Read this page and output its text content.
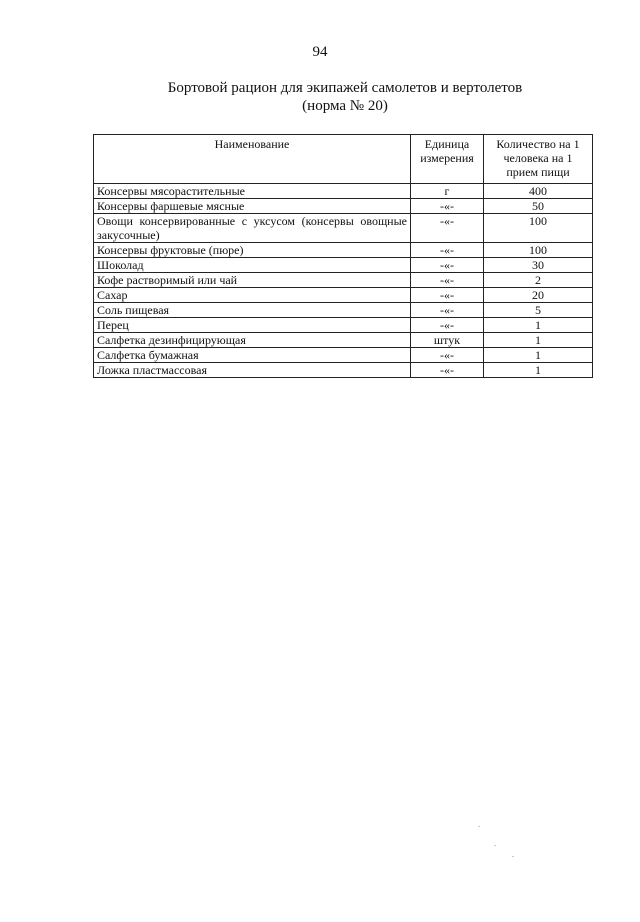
94
Бортовой рацион для экипажей самолетов и вертолетов
(норма № 20)
Наименование	Единица измерения	Количество на 1 человека на 1 прием пищи
Консервы мясорастительные	г	400
Консервы фаршевые мясные	-«-	50
Овощи консервированные с уксусом (консервы овощные закусочные)	-«-	100
Консервы фруктовые (пюре)	-«-	100
Шоколад	-«-	30
Кофе растворимый или чай	-«-	2
Сахар	-«-	20
Соль пищевая	-«-	5
Перец	-«-	1
Салфетка дезинфицирующая	штук	1
Салфетка бумажная	-«-	1
Ложка пластмассовая	-«-	1
